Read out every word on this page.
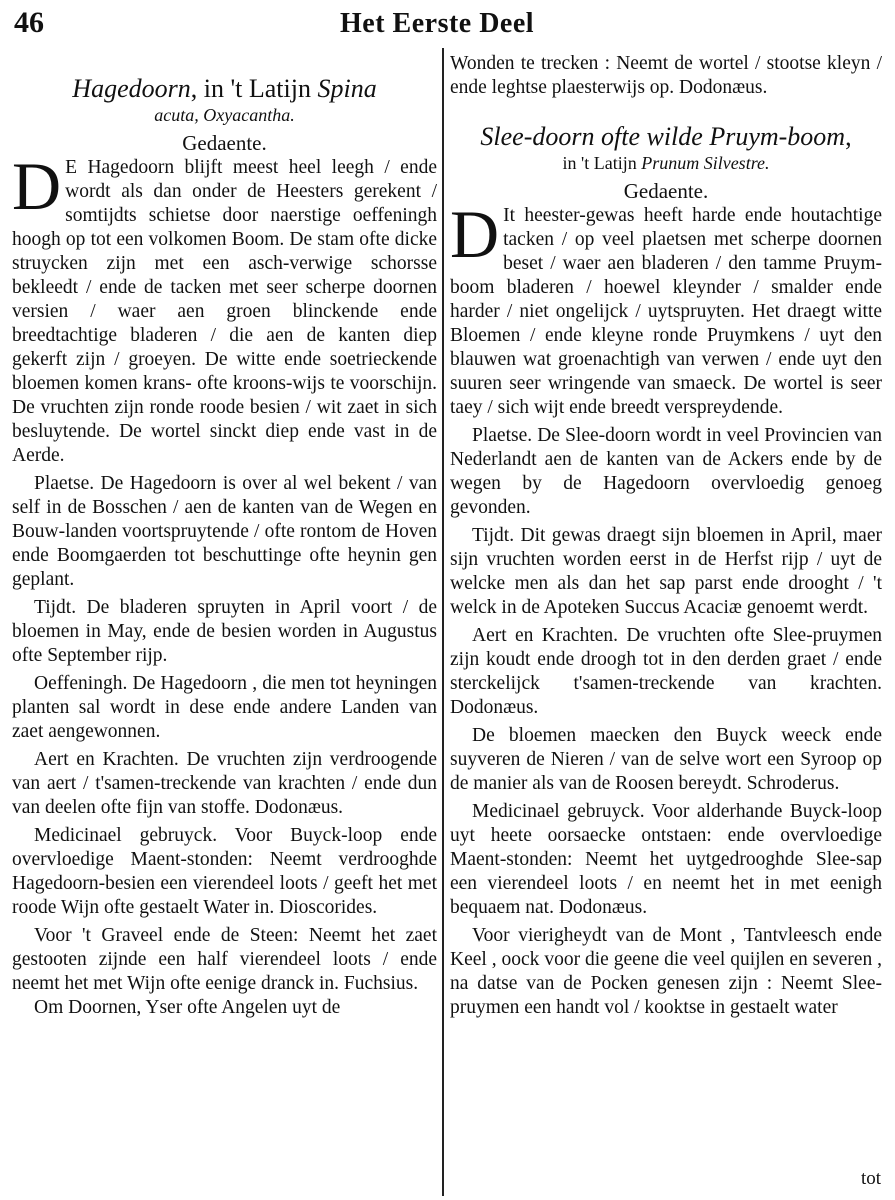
46	Het Eerste Deel
Hagedoorn, in 't Latijn Spina
acuta, Oxyacantha.
Gedaente.

D E Hagedoorn blijft meest heel leegh / ende wordt als dan onder de Heesters gerekent / somtijdts schietse door naerstige oeffeningh hoogh op tot een volkomen Boom. De stam ofte dicke struycken zijn met een asch-verwige schorsse bekleedt / ende de tacken met seer scherpe doornen versien / waer aen groen blinckende ende breedtachtige bladeren / die aen de kanten diep gekerft zijn / groeyen. De witte ende soetrieckende bloemen komen krans- ofte kroons-wijs te voorschijn. De vruchten zijn ronde roode besien / wit zaet in sich besluytende. De wortel sinckt diep ende vast in de Aerde.

Plaetse. De Hagedoorn is over al wel bekent / van self in de Bosschen / aen de kanten van de Wegen en Bouw-landen voortspruytende / ofte rontom de Hoven ende Boomgaerden tot beschuttinge ofte heynin gen geplant.

Tijdt. De bladeren spruyten in April voort / de bloemen in May, ende de besien worden in Augustus ofte September rijp.

Oeffeningh. De Hagedoorn , die men tot heyningen planten sal wordt in dese ende andere Landen van zaet aengewonnen.

Aert en Krachten. De vruchten zijn verdroogende van aert / t'samen-treckende van krachten / ende dun van deelen ofte fijn van stoffe. Dodonæus.

Medicinael gebruyck. Voor Buyck-loop ende overvloedige Maent-stonden: Neemt verdrooghde Hagedoorn-besien een vierendeel loots / geeft het met roode Wijn ofte gestaelt Water in. Dioscorides.

Voor 't Graveel ende de Steen: Neemt het zaet gestooten zijnde een half vierendeel loots / ende neemt het met Wijn ofte eenige dranck in. Fuchsius.

Om Doornen, Yser ofte Angelen uyt de

Wonden te trecken : Neemt de wortel / stootse kleyn / ende leghtse plaesterwijs op. Dodonæus.

Slee-doorn ofte wilde Pruym-boom,
in 't Latijn Prunum Silvestre.
Gedaente.

D It heester-gewas heeft harde ende houtachtige tacken / op veel plaetsen met scherpe doornen beset / waer aen bladeren / den tamme Pruym-boom bladeren / hoewel kleynder / smalder ende harder / niet ongelijck / uytspruyten. Het draegt witte Bloemen / ende kleyne ronde Pruymkens / uyt den blauwen wat groenachtigh van verwen / ende uyt den suuren seer wringende van smaeck. De wortel is seer taey / sich wijt ende breedt verspreydende.

Plaetse. De Slee-doorn wordt in veel Provincien van Nederlandt aen de kanten van de Ackers ende by de wegen by de Hagedoorn overvloedig genoeg gevonden.

Tijdt. Dit gewas draegt sijn bloemen in April, maer sijn vruchten worden eerst in de Herfst rijp / uyt de welcke men als dan het sap parst ende drooght / 't welck in de Apoteken Succus Acaciæ genoemt werdt.

Aert en Krachten. De vruchten ofte Slee-pruymen zijn koudt ende droogh tot in den derden graet / ende sterckelijck t'samen-treckende van krachten. Dodonæus.

De bloemen maecken den Buyck weeck ende suyveren de Nieren / van de selve wort een Syroop op de manier als van de Roosen bereydt. Schroderus.

Medicinael gebruyck. Voor alderhande Buyck-loop uyt heete oorsaecke ontstaen: ende overvloedige Maent-stonden: Neemt het uytgedrooghde Slee-sap een vierendeel loots / en neemt het in met eenigh bequaem nat. Dodonæus.

Voor vierigheydt van de Mont , Tantvleesch ende Keel , oock voor die geene die veel quijlen en severen , na datse van de Pocken genesen zijn : Neemt Slee-pruymen een handt vol / kooktse in gestaelt water

tot
